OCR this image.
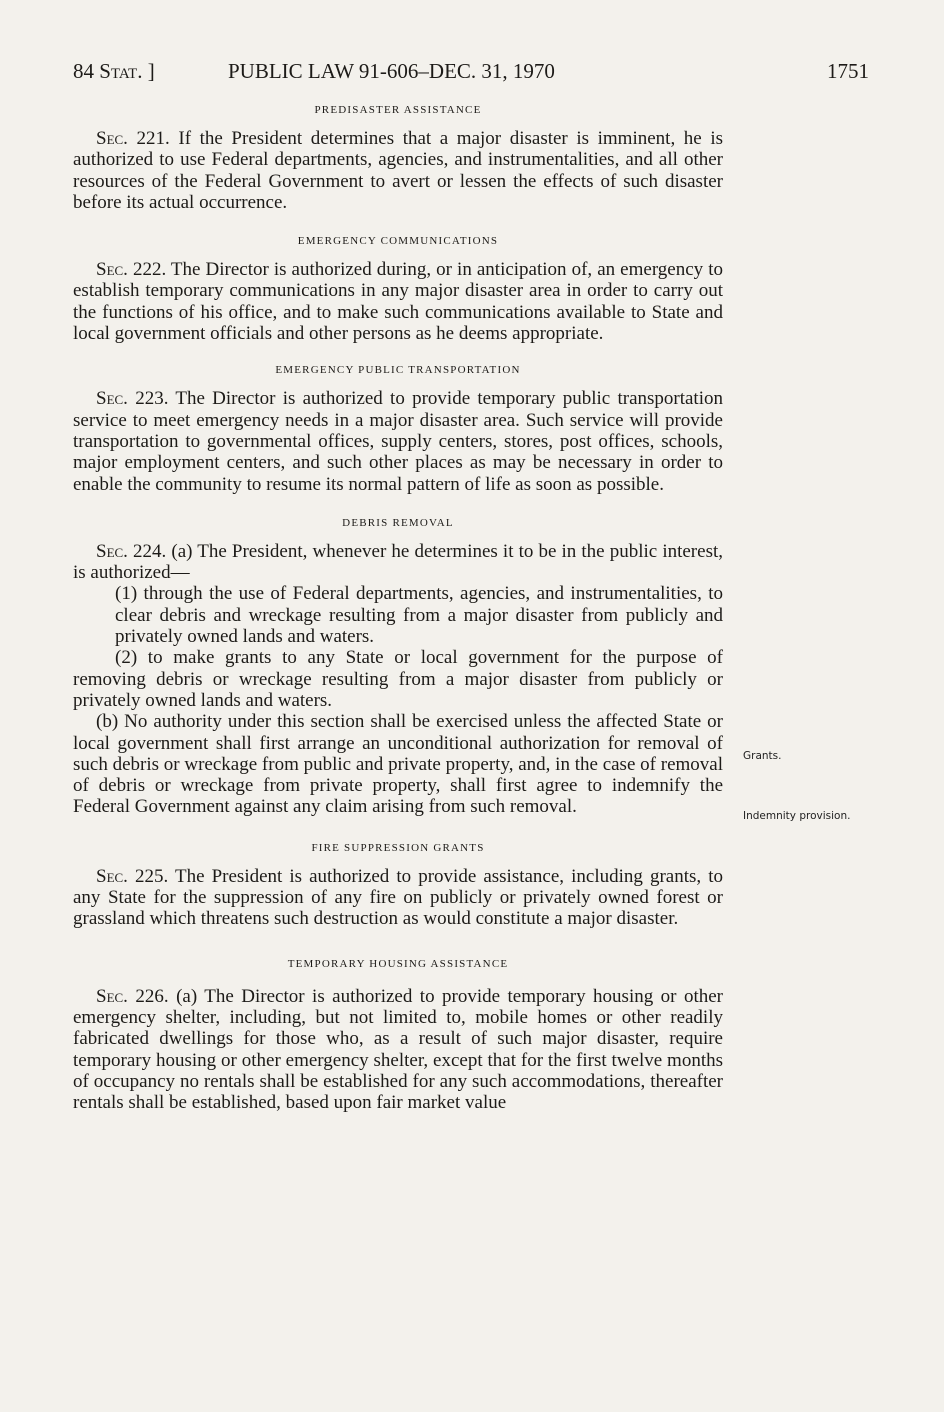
84 Stat. ]	PUBLIC LAW 91-606–DEC. 31, 1970	1751

PREDISASTER ASSISTANCE

Sec. 221. If the President determines that a major disaster is imminent, he is authorized to use Federal departments, agencies, and instrumentalities, and all other resources of the Federal Government to avert or lessen the effects of such disaster before its actual occurrence.

EMERGENCY COMMUNICATIONS

Sec. 222. The Director is authorized during, or in anticipation of, an emergency to establish temporary communications in any major disaster area in order to carry out the functions of his office, and to make such communications available to State and local government officials and other persons as he deems appropriate.

EMERGENCY PUBLIC TRANSPORTATION

Sec. 223. The Director is authorized to provide temporary public transportation service to meet emergency needs in a major disaster area. Such service will provide transportation to governmental offices, supply centers, stores, post offices, schools, major employment centers, and such other places as may be necessary in order to enable the community to resume its normal pattern of life as soon as possible.

DEBRIS REMOVAL

Sec. 224. (a) The President, whenever he determines it to be in the public interest, is authorized—

(1) through the use of Federal departments, agencies, and instrumentalities, to clear debris and wreckage resulting from a major disaster from publicly and privately owned lands and waters.

(2) to make grants to any State or local government for the purpose of removing debris or wreckage resulting from a major disaster from publicly or privately owned lands and waters.

(b) No authority under this section shall be exercised unless the affected State or local government shall first arrange an unconditional authorization for removal of such debris or wreckage from public and private property, and, in the case of removal of debris or wreckage from private property, shall first agree to indemnify the Federal Government against any claim arising from such removal.

FIRE SUPPRESSION GRANTS

Sec. 225. The President is authorized to provide assistance, including grants, to any State for the suppression of any fire on publicly or privately owned forest or grassland which threatens such destruction as would constitute a major disaster.

TEMPORARY HOUSING ASSISTANCE

Sec. 226. (a) The Director is authorized to provide temporary housing or other emergency shelter, including, but not limited to, mobile homes or other readily fabricated dwellings for those who, as a result of such major disaster, require temporary housing or other emergency shelter, except that for the first twelve months of occupancy no rentals shall be established for any such accommodations, thereafter rentals shall be established, based upon fair market value

Grants.
Indemnity provision.
